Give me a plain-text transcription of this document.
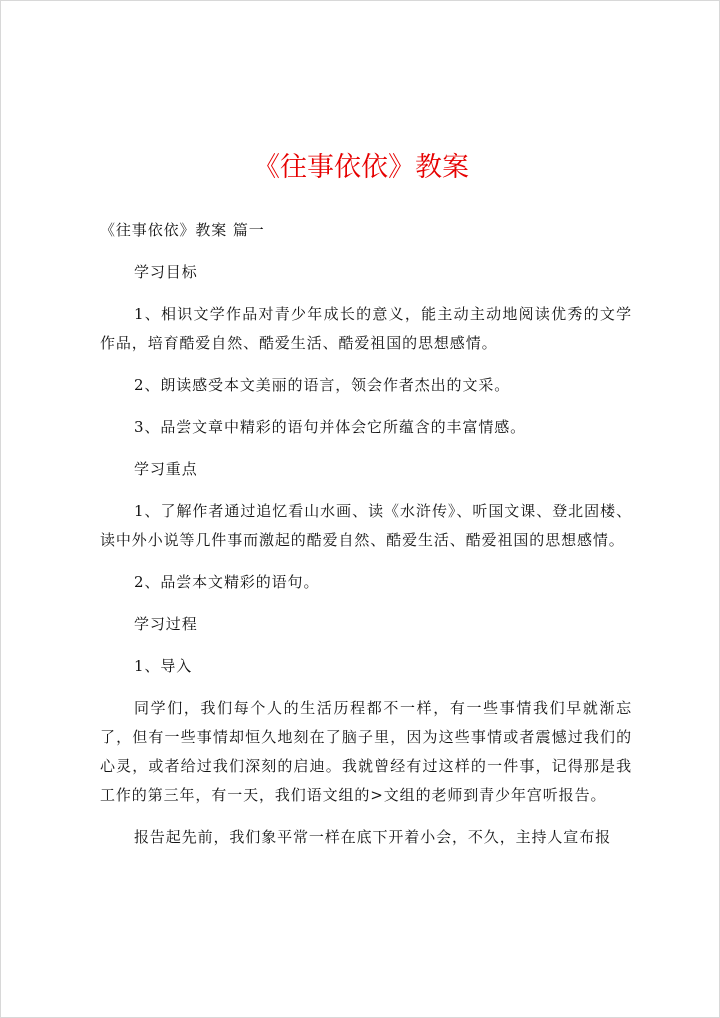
《往事依依》教案

《往事依依》教案 篇一

学习目标

1、相识文学作品对青少年成长的意义，能主动主动地阅读优秀的文学作品，培育酷爱自然、酷爱生活、酷爱祖国的思想感情。

2、朗读感受本文美丽的语言，领会作者杰出的文采。

3、品尝文章中精彩的语句并体会它所蕴含的丰富情感。

学习重点

1、了解作者通过追忆看山水画、读《水浒传》、听国文课、登北固楼、读中外小说等几件事而激起的酷爱自然、酷爱生活、酷爱祖国的思想感情。

2、品尝本文精彩的语句。

学习过程

1、导入

同学们，我们每个人的生活历程都不一样，有一些事情我们早就渐忘了，但有一些事情却恒久地刻在了脑子里，因为这些事情或者震憾过我们的心灵，或者给过我们深刻的启迪。我就曾经有过这样的一件事，记得那是我工作的第三年，有一天，我们语文组的>文组的老师到青少年宫听报告。

报告起先前，我们象平常一样在底下开着小会，不久，主持人宣布报
